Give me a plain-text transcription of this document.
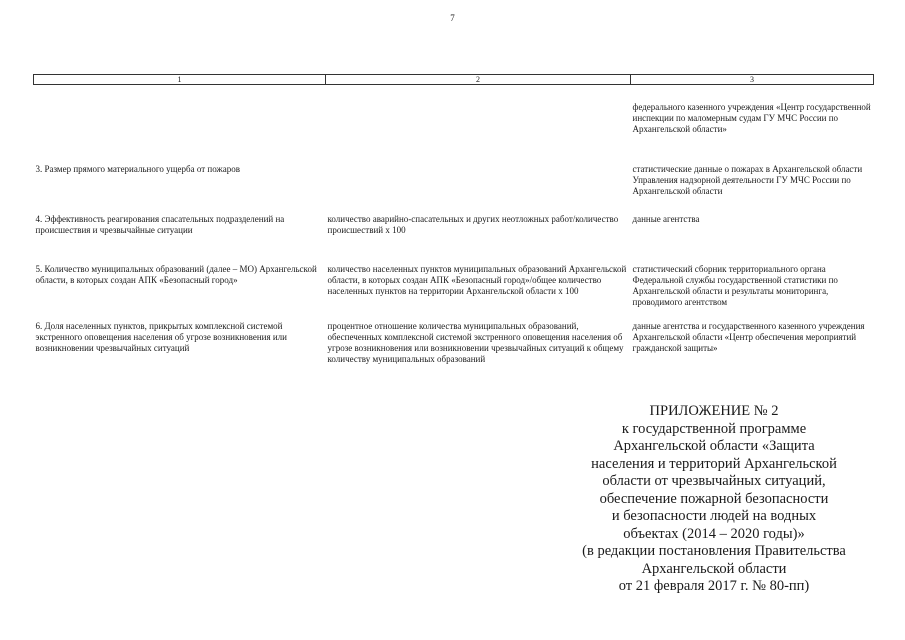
7
1	2	3
		федерального казенного учреждения «Центр государственной инспекции по маломерным судам ГУ МЧС России по Архангельской области»
3. Размер прямого материального ущерба от пожаров		статистические данные о пожарах в Архангельской области Управления надзорной деятельности ГУ МЧС России по Архангельской области
4. Эффективность реагирования спасательных подразделений на происшествия и чрезвычайные ситуации	количество аварийно-спасательных и других неотложных работ/количество происшествий х 100	данные агентства
5. Количество муниципальных образований (далее – МО) Архангельской области, в которых создан АПК «Безопасный город»	количество населенных пунктов муниципальных образований Архангельской области, в которых создан АПК «Безопасный город»/общее количество населенных пунктов на территории Архангельской области х 100	статистический сборник территориального органа Федеральной службы государственной статистики по Архангельской области и результаты мониторинга, проводимого агентством
6. Доля населенных пунктов, прикрытых комплексной системой экстренного оповещения населения об угрозе возникновения или возникновении чрезвычайных ситуаций	процентное отношение количества муниципальных образований, обеспеченных комплексной системой экстренного оповещения населения об угрозе возникновения или возникновении чрезвычайных ситуаций к общему количеству муниципальных образований	данные агентства и государственного казенного учреждения Архангельской области «Центр обеспечения мероприятий гражданской защиты»
ПРИЛОЖЕНИЕ № 2
к государственной программе
Архангельской области «Защита
населения и территорий Архангельской
области от чрезвычайных ситуаций,
обеспечение пожарной безопасности
и безопасности людей на водных
объектах (2014 – 2020 годы)»
(в редакции постановления Правительства
Архангельской области
от 21 февраля 2017 г. № 80-пп)
